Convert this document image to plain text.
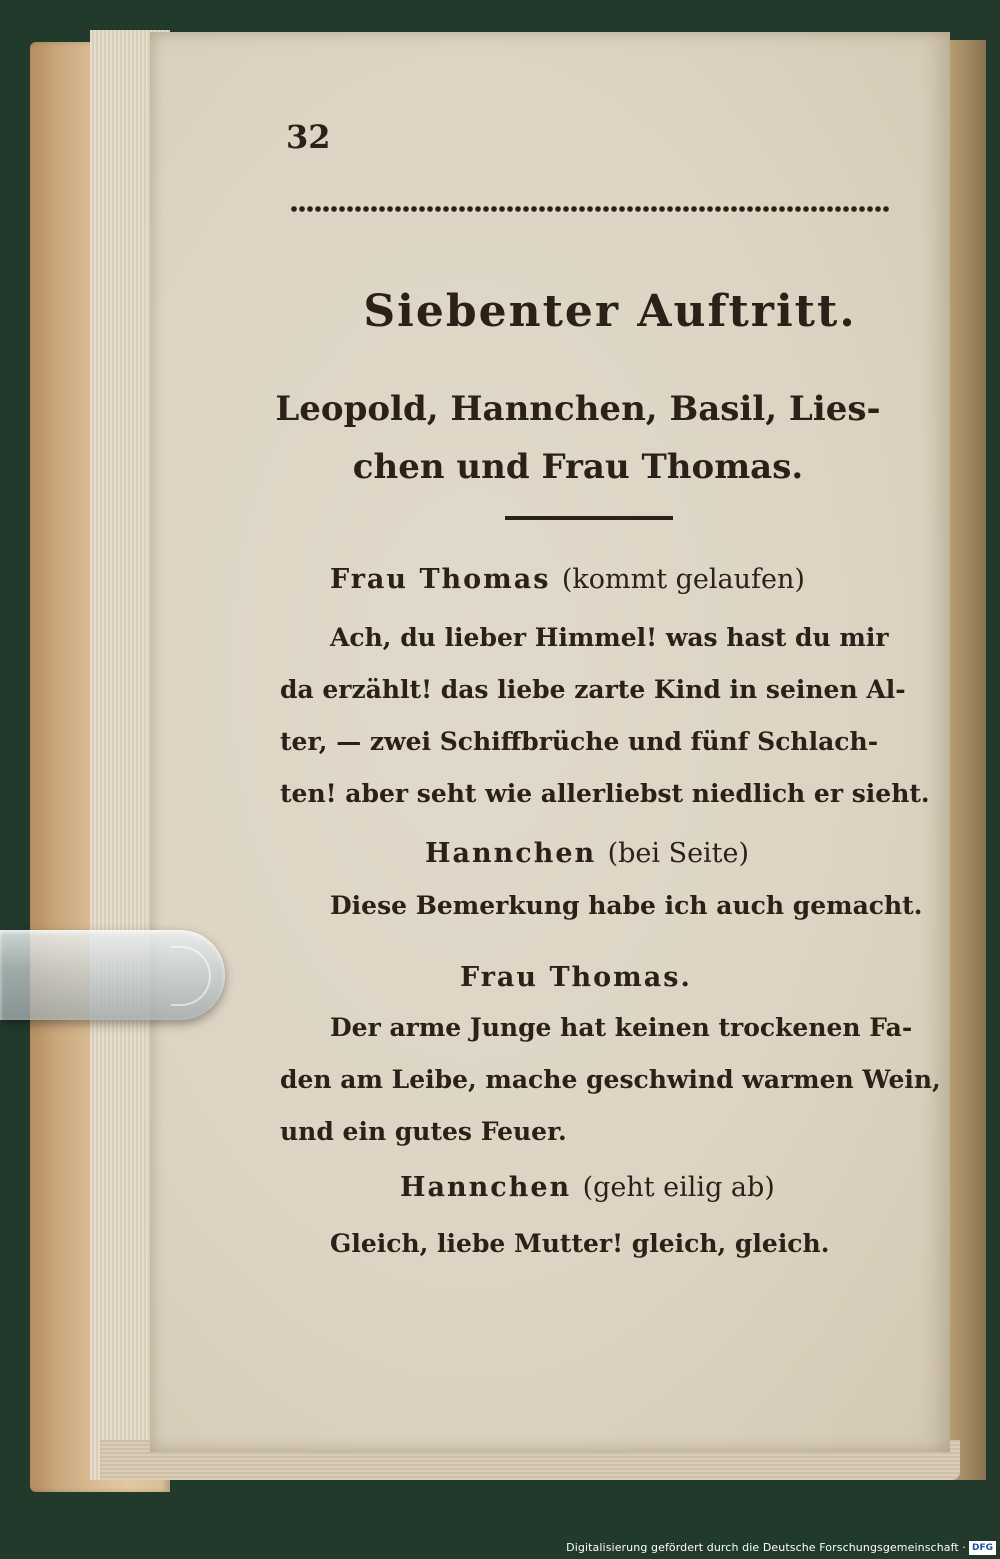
32
Siebenter Auftritt.
Leopold, Hannchen, Basil, Lies-
chen und Frau Thomas.
Frau Thomas (kommt gelaufen)

Ach, du lieber Himmel! was hast du mir

da erzählt! das liebe zarte Kind in seinen Al-

ter, — zwei Schiffbrüche und fünf Schlach-

ten! aber seht wie allerliebst niedlich er sieht.

Hannchen (bei Seite)

Diese Bemerkung habe ich auch gemacht.

Frau Thomas.

Der arme Junge hat keinen trockenen Fa-

den am Leibe, mache geschwind warmen Wein,

und ein gutes Feuer.

Hannchen (geht eilig ab)

Gleich, liebe Mutter! gleich, gleich.

Digitalisierung gefördert durch die Deutsche Forschungsgemeinschaft · DFG
